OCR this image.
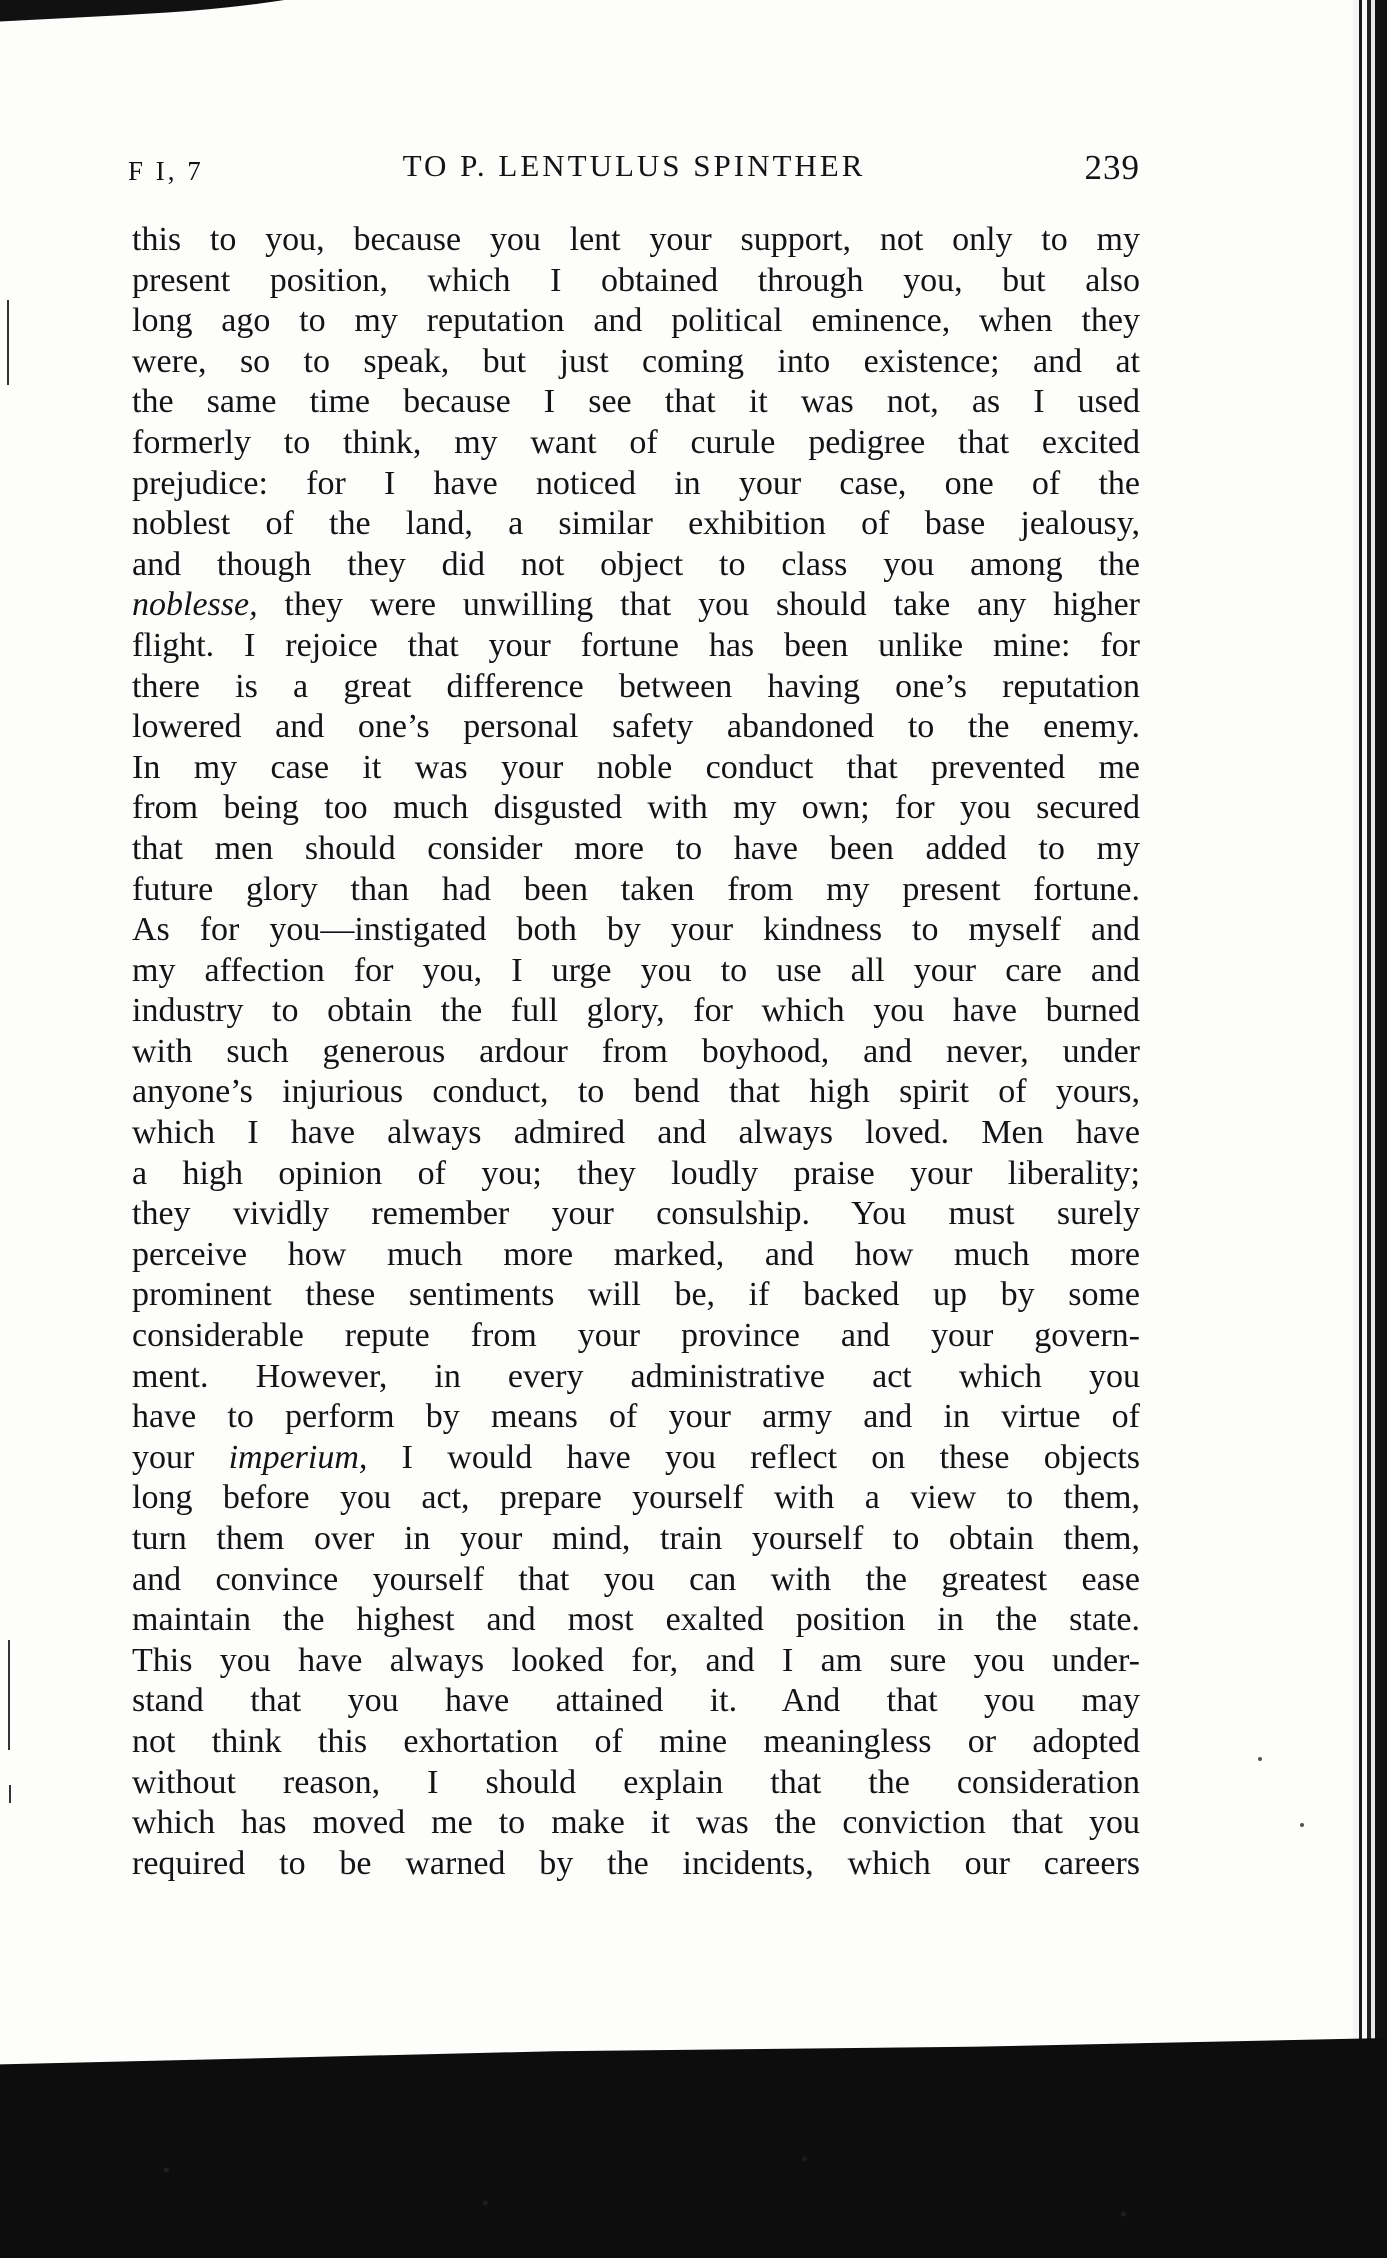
F I, 7	TO P. LENTULUS SPINTHER	239
this to you, because you lent your support, not only to my
present position, which I obtained through you, but also
long ago to my reputation and political eminence, when they
were, so to speak, but just coming into existence; and at
the same time because I see that it was not, as I used
formerly to think, my want of curule pedigree that excited
prejudice: for I have noticed in your case, one of the
noblest of the land, a similar exhibition of base jealousy,
and though they did not object to class you among the
noblesse, they were unwilling that you should take any higher
flight. I rejoice that your fortune has been unlike mine: for
there is a great difference between having one’s reputation
lowered and one’s personal safety abandoned to the enemy.
In my case it was your noble conduct that prevented me
from being too much disgusted with my own; for you secured
that men should consider more to have been added to my
future glory than had been taken from my present fortune.
As for you—instigated both by your kindness to myself and
my affection for you, I urge you to use all your care and
industry to obtain the full glory, for which you have burned
with such generous ardour from boyhood, and never, under
anyone’s injurious conduct, to bend that high spirit of yours,
which I have always admired and always loved. Men have
a high opinion of you; they loudly praise your liberality;
they vividly remember your consulship. You must surely
perceive how much more marked, and how much more
prominent these sentiments will be, if backed up by some
considerable repute from your province and your govern-
ment. However, in every administrative act which you
have to perform by means of your army and in virtue of
your imperium, I would have you reflect on these objects
long before you act, prepare yourself with a view to them,
turn them over in your mind, train yourself to obtain them,
and convince yourself that you can with the greatest ease
maintain the highest and most exalted position in the state.
This you have always looked for, and I am sure you under-
stand that you have attained it. And that you may
not think this exhortation of mine meaningless or adopted
without reason, I should explain that the consideration
which has moved me to make it was the conviction that you
required to be warned by the incidents, which our careers
